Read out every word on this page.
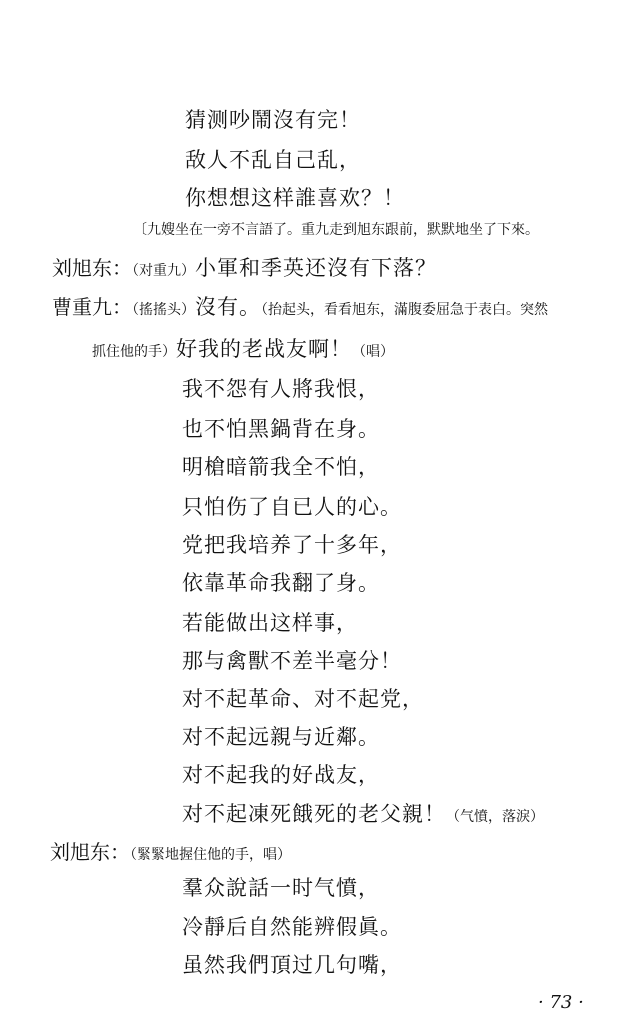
猜测吵鬧沒有完！
敌人不乱自己乱，
你想想这样誰喜欢？！
〔九嫂坐在一旁不言語了。重九走到旭东跟前，默默地坐了下來。
刘旭东：（对重九）小軍和季英还沒有下落？
曹重九：（搖搖头）沒有。（抬起头，看看旭东，滿腹委屈急于表白。突然
抓住他的手）好我的老战友啊！（唱）
我不怨有人將我恨，
也不怕黑鍋背在身。
明槍暗箭我全不怕，
只怕伤了自已人的心。
党把我培养了十多年，
依靠革命我翻了身。
若能做出这样事，
那与禽獸不差半毫分！
对不起革命、对不起党，
对不起远親与近鄰。
对不起我的好战友，
对不起凍死餓死的老父親！（气憤，落淚）
刘旭东：（緊緊地握住他的手，唱）
羣众說話一时气憤，
冷靜后自然能辨假眞。
虽然我們頂过几句嘴，
· 73 ·
